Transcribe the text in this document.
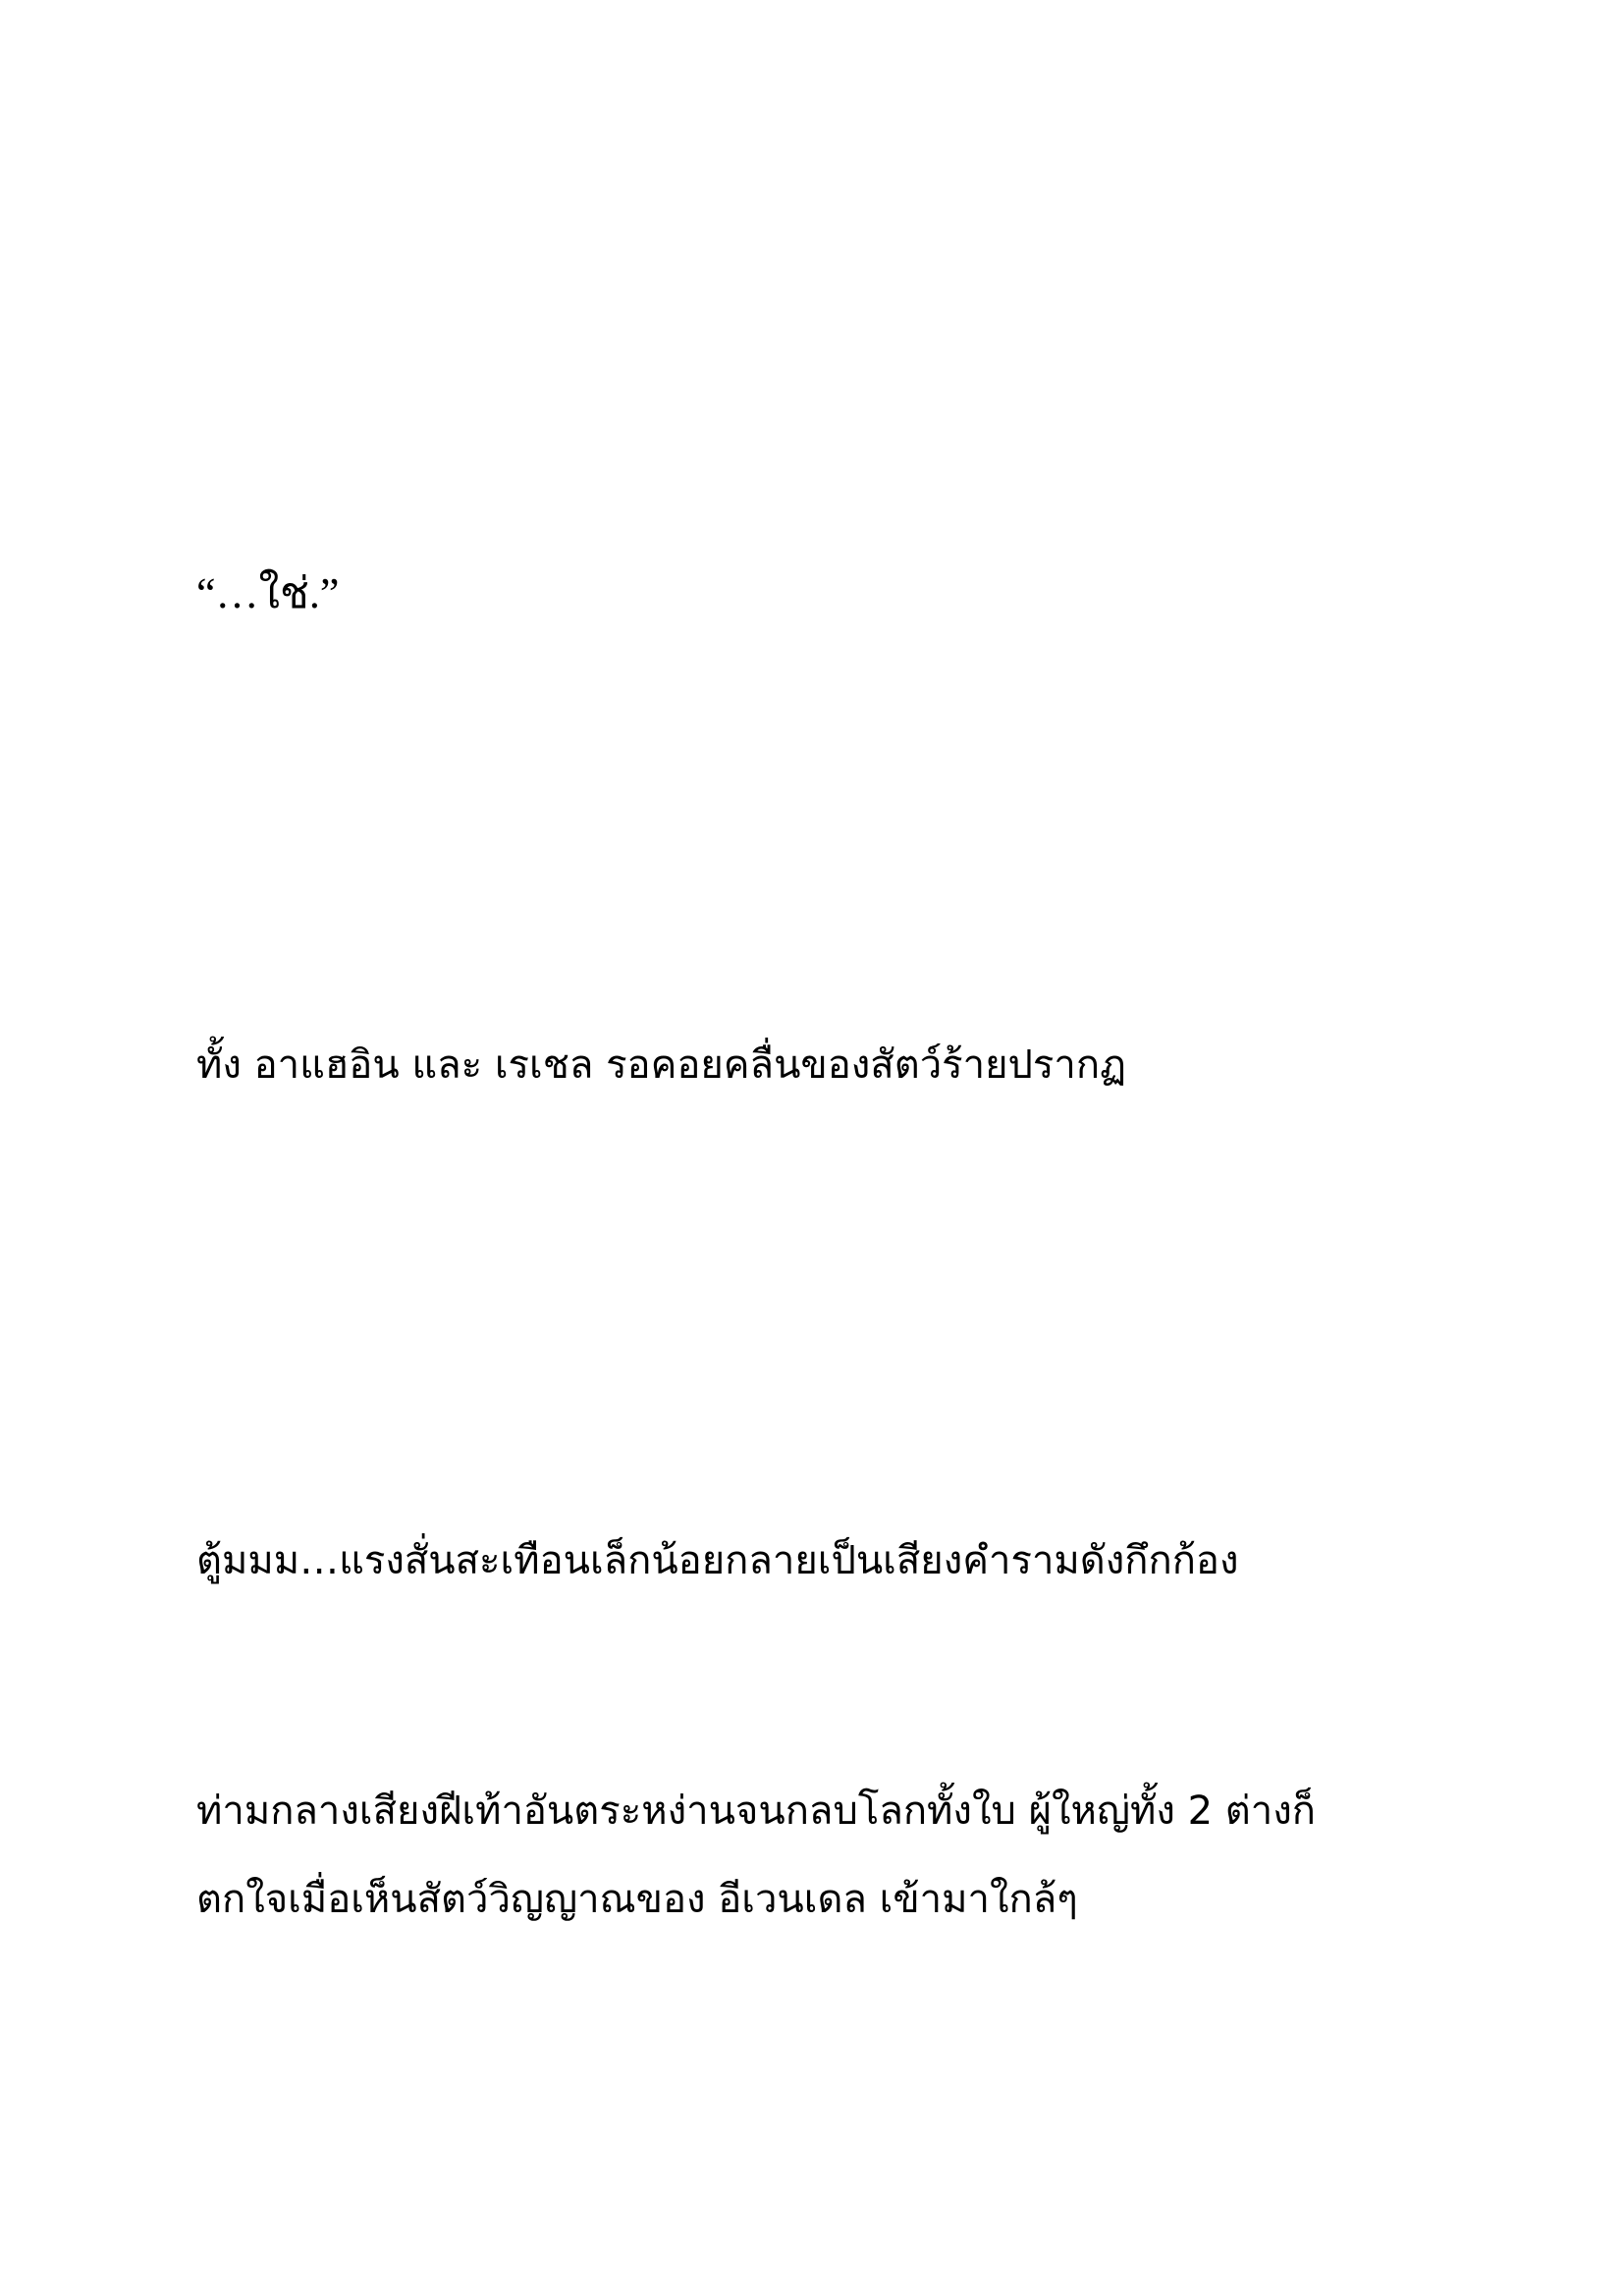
“…ใช่.”

ทั้ง อาแฮอิน และ เรเชล รอคอยคลื่นของสัตว์ร้ายปรากฏ

ตู้มมม…แรงสั่นสะเทือนเล็กน้อยกลายเป็นเสียงคำรามดังกึกก้อง

ท่ามกลางเสียงฝีเท้าอันตระหง่านจนกลบโลกทั้งใบ ผู้ใหญ่ทั้ง 2 ต่างก็
ตกใจเมื่อเห็นสัตว์วิญญาณของ อีเวนเดล เข้ามาใกล้ๆ
